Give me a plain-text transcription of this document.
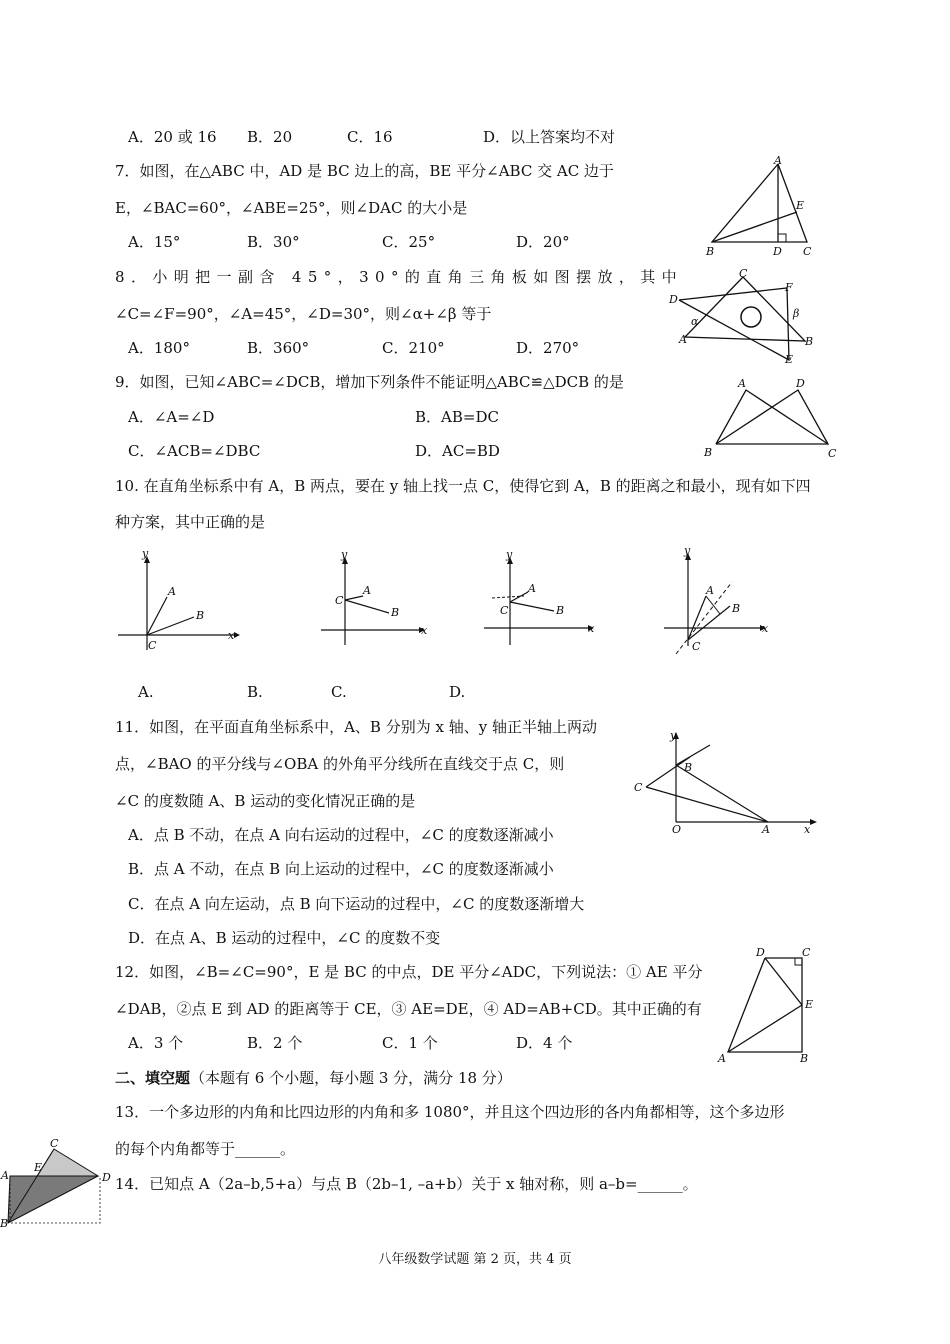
A．20 或 16 B．20	C．16	D．以上答案均不对
7．如图，在△ABC 中，AD 是 BC 边上的高，BE 平分∠ABC 交 AC 边于
E，∠BAC=60°，∠ABE=25°，则∠DAC 的大小是
A．15°	B．30°	C．25°	D．20°
A
B	C
D
E
8．小明把一副含 45°，30°的直角三角板如图摆放，其中
∠C=∠F=90°，∠A=45°，∠D=30°，则∠α+∠β 等于
A．180°	B．360°	C．210°	D．270°
C
F
D
A	B
E
α
β
9．如图，已知∠ABC=∠DCB，增加下列条件不能证明△ABC≌△DCB 的是
A．∠A=∠D	B．AB=DC
C．∠ACB=∠DBC	D．AC=BD
A	D
B	C
10. 在直角坐标系中有 A，B 两点，要在 y 轴上找一点 C，使得它到 A，B 的距离之和最小，现有如下四
种方案，其中正确的是
y
x
A
B
C
y
x
A
B
C
y
x
A
B
C
y
x
A
B
C
A.	B.	C.	D.
11．如图，在平面直角坐标系中，A、B 分别为 x 轴、y 轴正半轴上两动
点，∠BAO 的平分线与∠OBA 的外角平分线所在直线交于点 C，则
∠C 的度数随 A、B 运动的变化情况正确的是
A．点 B 不动，在点 A 向右运动的过程中，∠C 的度数逐渐减小
B．点 A 不动，在点 B 向上运动的过程中，∠C 的度数逐渐减小
C．在点 A 向左运动，点 B 向下运动的过程中，∠C 的度数逐渐增大
D．在点 A、B 运动的过程中，∠C 的度数不变
y
x
B
C
O	A
12．如图，∠B=∠C=90°，E 是 BC 的中点，DE 平分∠ADC，下列说法：① AE 平分
∠DAB，②点 E 到 AD 的距离等于 CE，③ AE=DE，④ AD=AB+CD。其中正确的有
A．3 个	B．2 个	C．1 个	D．4 个
D	C
E
A	B
二、填空题（本题有 6 个小题，每小题 3 分，满分 18 分）
13．一个多边形的内角和比四边形的内角和多 1080°，并且这个四边形的各内角都相等，这个多边形
的每个内角都等于______。
14．已知点 A（2a–b,5+a）与点 B（2b–1, –a+b）关于 x 轴对称，则 a–b=______。
C
E
A	D
B
八年级数学试题 第 2 页，共 4 页
